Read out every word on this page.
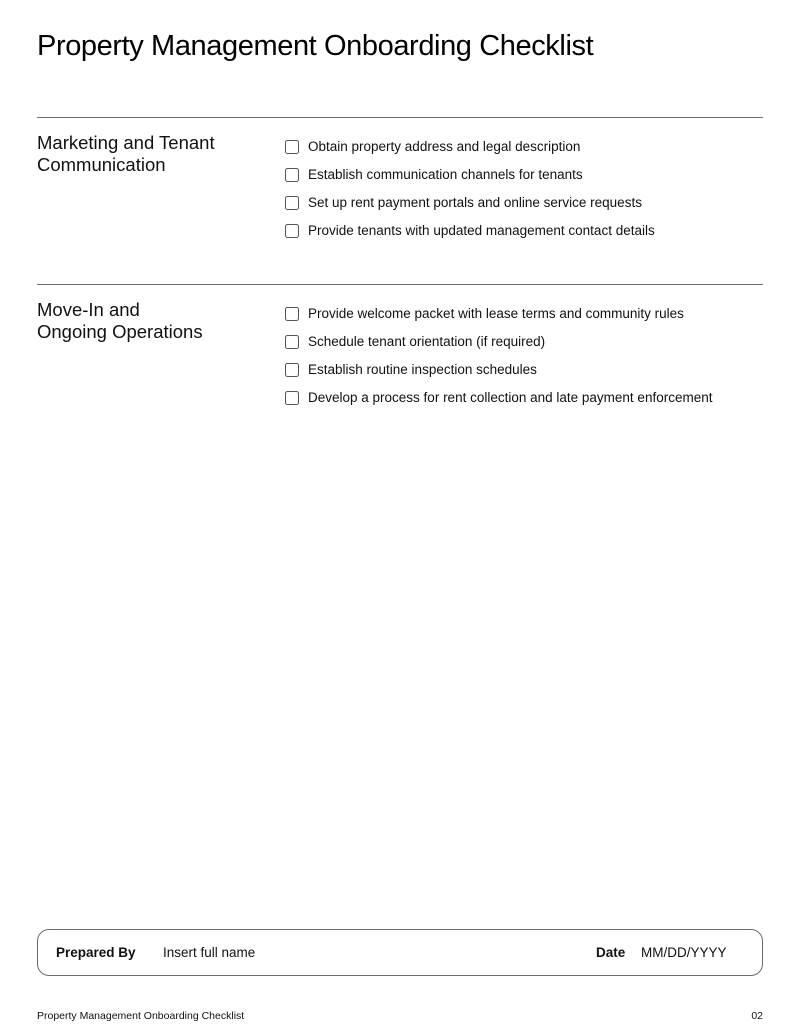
Property Management Onboarding Checklist
Marketing and Tenant
Communication
Obtain property address and legal description
Establish communication channels for tenants
Set up rent payment portals and online service requests
Provide tenants with updated management contact details
Move-In and
Ongoing Operations
Provide welcome packet with lease terms and community rules
Schedule tenant orientation (if required)
Establish routine inspection schedules
Develop a process for rent collection and late payment enforcement
Prepared By Insert full name	Date MM/DD/YYYY
Property Management Onboarding Checklist	02
